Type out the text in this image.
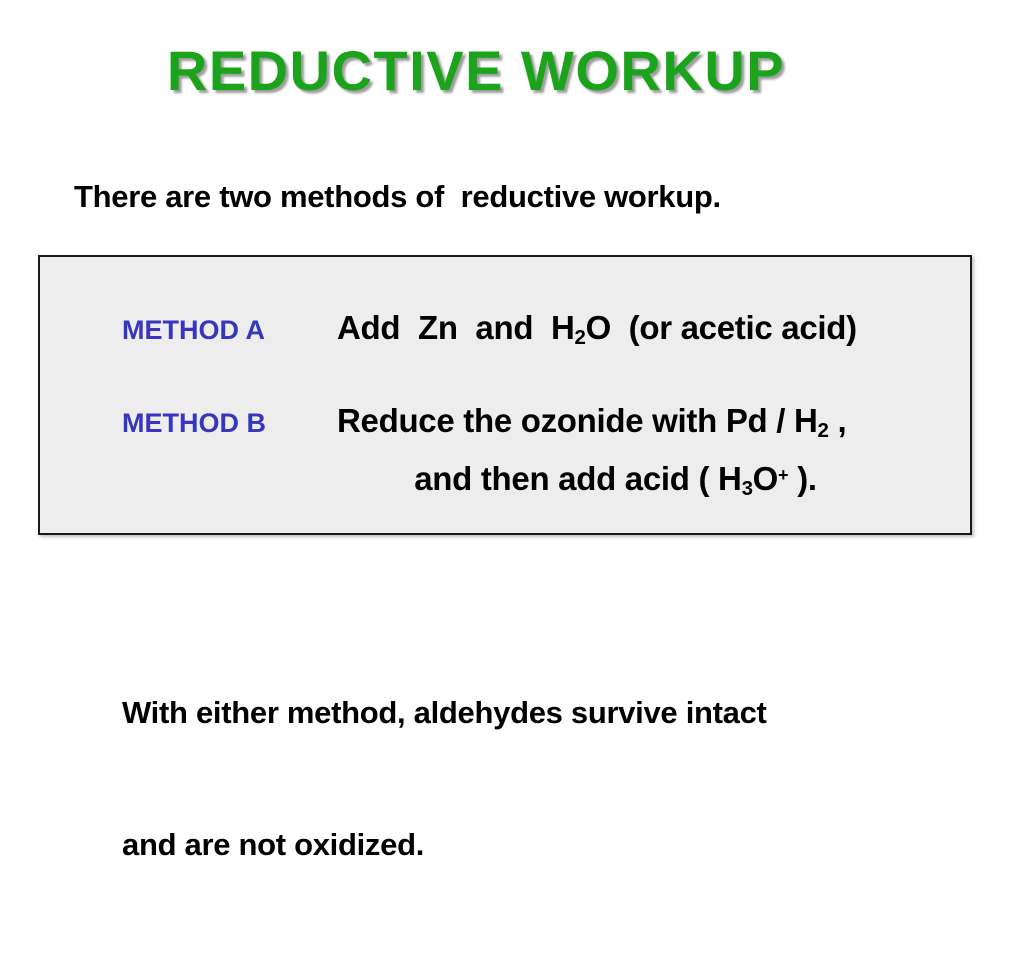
REDUCTIVE WORKUP
There are two methods of  reductive workup.
METHOD A	Add  Zn  and  H2O  (or acetic acid)
METHOD B	Reduce the ozonide with Pd / H2 ,
and then add acid ( H3O+ ).

With either method, aldehydes survive intact

and are not oxidized.
